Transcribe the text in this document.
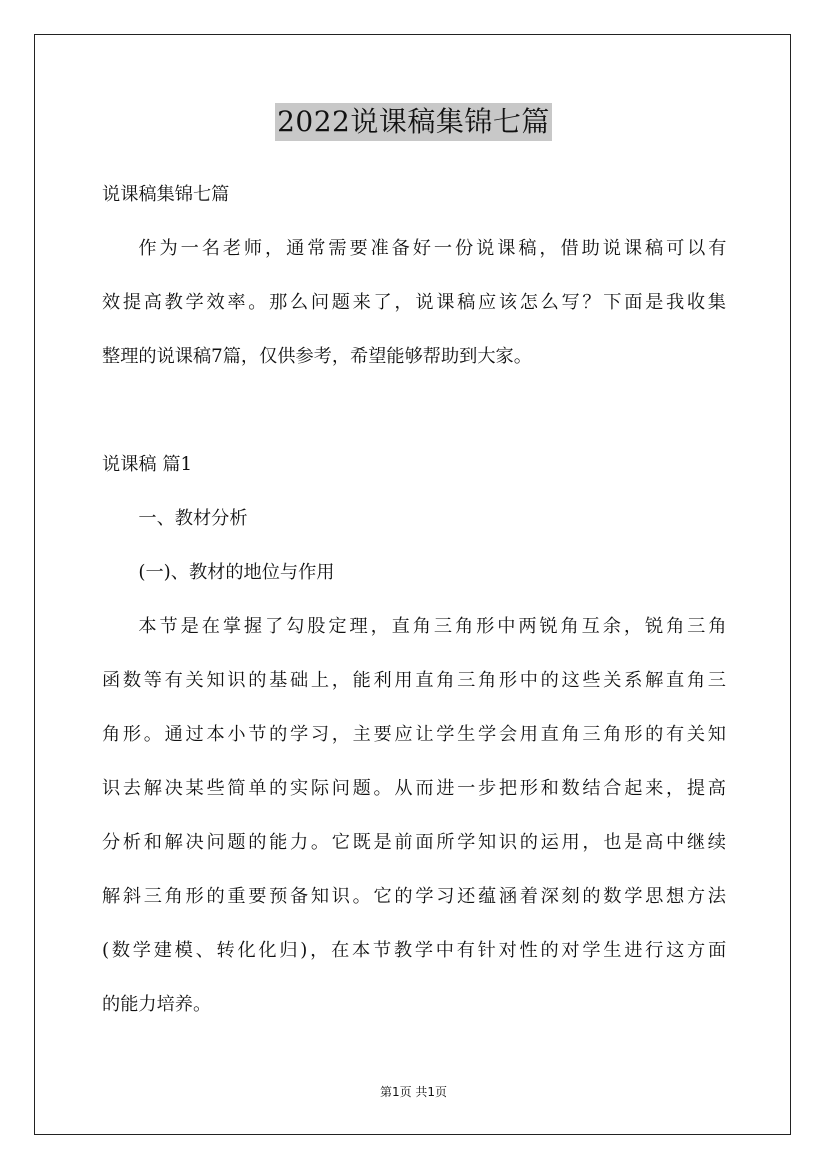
2022说课稿集锦七篇

说课稿集锦七篇

作为一名老师，通常需要准备好一份说课稿，借助说课稿可以有

效提高教学效率。那么问题来了，说课稿应该怎么写？下面是我收集

整理的说课稿7篇，仅供参考，希望能够帮助到大家。

说课稿 篇1

一、教材分析

(一)、教材的地位与作用

本节是在掌握了勾股定理，直角三角形中两锐角互余，锐角三角

函数等有关知识的基础上，能利用直角三角形中的这些关系解直角三

角形。通过本小节的学习，主要应让学生学会用直角三角形的有关知

识去解决某些简单的实际问题。从而进一步把形和数结合起来，提高

分析和解决问题的能力。它既是前面所学知识的运用，也是高中继续

解斜三角形的重要预备知识。它的学习还蕴涵着深刻的数学思想方法

(数学建模、转化化归)，在本节教学中有针对性的对学生进行这方面

的能力培养。

第1页 共1页
